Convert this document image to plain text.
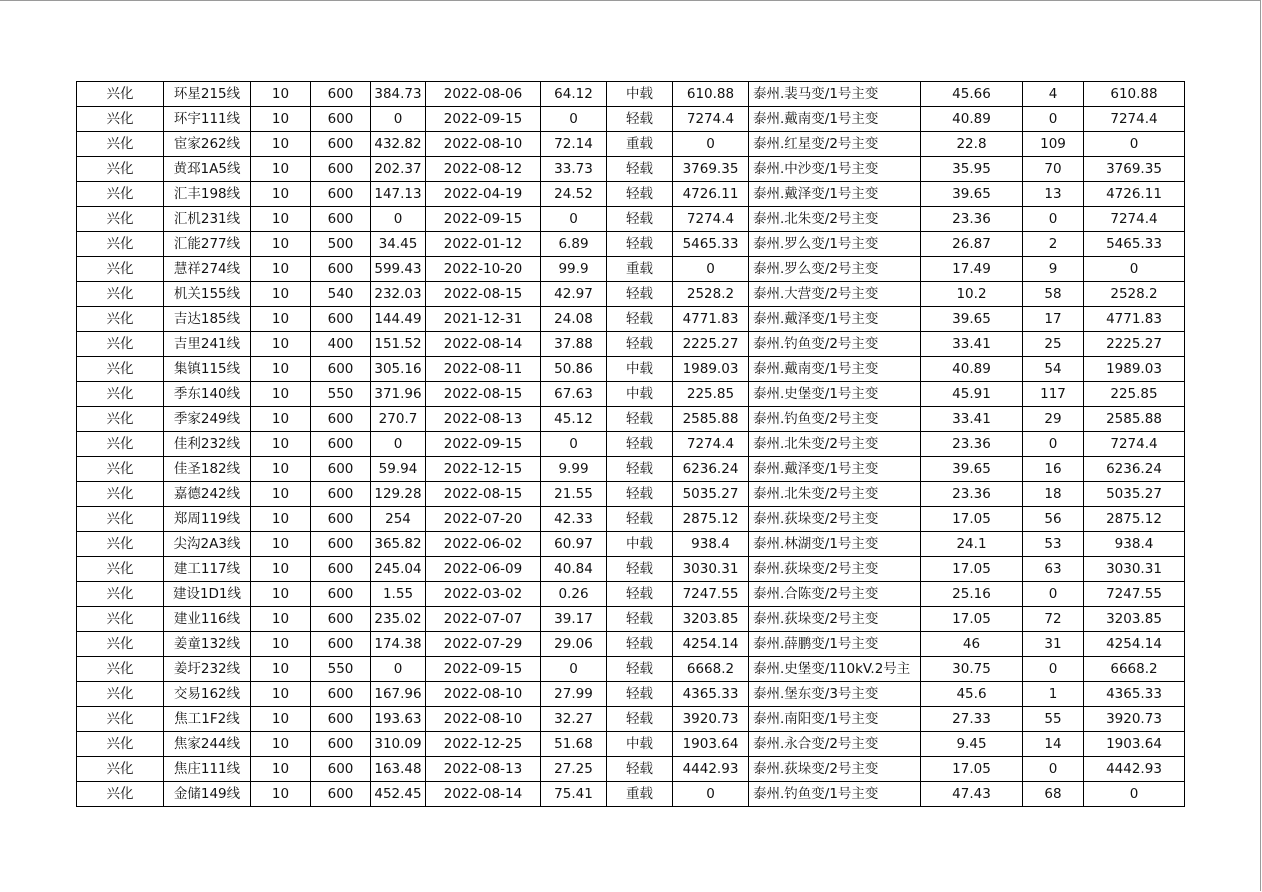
兴化	环星215线	10	600	384.73	2022-08-06	64.12	中载	610.88	泰州.裴马变/1号主变	45.66	4	610.88
兴化	环宇111线	10	600	0	2022-09-15	0	轻载	7274.4	泰州.戴南变/1号主变	40.89	0	7274.4
兴化	宦家262线	10	600	432.82	2022-08-10	72.14	重载	0	泰州.红星变/2号主变	22.8	109	0
兴化	黄邳1A5线	10	600	202.37	2022-08-12	33.73	轻载	3769.35	泰州.中沙变/1号主变	35.95	70	3769.35
兴化	汇丰198线	10	600	147.13	2022-04-19	24.52	轻载	4726.11	泰州.戴泽变/1号主变	39.65	13	4726.11
兴化	汇机231线	10	600	0	2022-09-15	0	轻载	7274.4	泰州.北朱变/2号主变	23.36	0	7274.4
兴化	汇能277线	10	500	34.45	2022-01-12	6.89	轻载	5465.33	泰州.罗么变/1号主变	26.87	2	5465.33
兴化	慧祥274线	10	600	599.43	2022-10-20	99.9	重载	0	泰州.罗么变/2号主变	17.49	9	0
兴化	机关155线	10	540	232.03	2022-08-15	42.97	轻载	2528.2	泰州.大营变/2号主变	10.2	58	2528.2
兴化	吉达185线	10	600	144.49	2021-12-31	24.08	轻载	4771.83	泰州.戴泽变/1号主变	39.65	17	4771.83
兴化	吉里241线	10	400	151.52	2022-08-14	37.88	轻载	2225.27	泰州.钓鱼变/2号主变	33.41	25	2225.27
兴化	集镇115线	10	600	305.16	2022-08-11	50.86	中载	1989.03	泰州.戴南变/1号主变	40.89	54	1989.03
兴化	季东140线	10	550	371.96	2022-08-15	67.63	中载	225.85	泰州.史堡变/1号主变	45.91	117	225.85
兴化	季家249线	10	600	270.7	2022-08-13	45.12	轻载	2585.88	泰州.钓鱼变/2号主变	33.41	29	2585.88
兴化	佳利232线	10	600	0	2022-09-15	0	轻载	7274.4	泰州.北朱变/2号主变	23.36	0	7274.4
兴化	佳圣182线	10	600	59.94	2022-12-15	9.99	轻载	6236.24	泰州.戴泽变/1号主变	39.65	16	6236.24
兴化	嘉德242线	10	600	129.28	2022-08-15	21.55	轻载	5035.27	泰州.北朱变/2号主变	23.36	18	5035.27
兴化	郑周119线	10	600	254	2022-07-20	42.33	轻载	2875.12	泰州.荻垛变/2号主变	17.05	56	2875.12
兴化	尖沟2A3线	10	600	365.82	2022-06-02	60.97	中载	938.4	泰州.林湖变/1号主变	24.1	53	938.4
兴化	建工117线	10	600	245.04	2022-06-09	40.84	轻载	3030.31	泰州.荻垛变/2号主变	17.05	63	3030.31
兴化	建设1D1线	10	600	1.55	2022-03-02	0.26	轻载	7247.55	泰州.合陈变/2号主变	25.16	0	7247.55
兴化	建业116线	10	600	235.02	2022-07-07	39.17	轻载	3203.85	泰州.荻垛变/2号主变	17.05	72	3203.85
兴化	姜童132线	10	600	174.38	2022-07-29	29.06	轻载	4254.14	泰州.薛鹏变/1号主变	46	31	4254.14
兴化	姜圩232线	10	550	0	2022-09-15	0	轻载	6668.2	泰州.史堡变/110kV.2号主	30.75	0	6668.2
兴化	交易162线	10	600	167.96	2022-08-10	27.99	轻载	4365.33	泰州.堡东变/3号主变	45.6	1	4365.33
兴化	焦工1F2线	10	600	193.63	2022-08-10	32.27	轻载	3920.73	泰州.南阳变/1号主变	27.33	55	3920.73
兴化	焦家244线	10	600	310.09	2022-12-25	51.68	中载	1903.64	泰州.永合变/2号主变	9.45	14	1903.64
兴化	焦庄111线	10	600	163.48	2022-08-13	27.25	轻载	4442.93	泰州.荻垛变/2号主变	17.05	0	4442.93
兴化	金储149线	10	600	452.45	2022-08-14	75.41	重载	0	泰州.钓鱼变/1号主变	47.43	68	0
